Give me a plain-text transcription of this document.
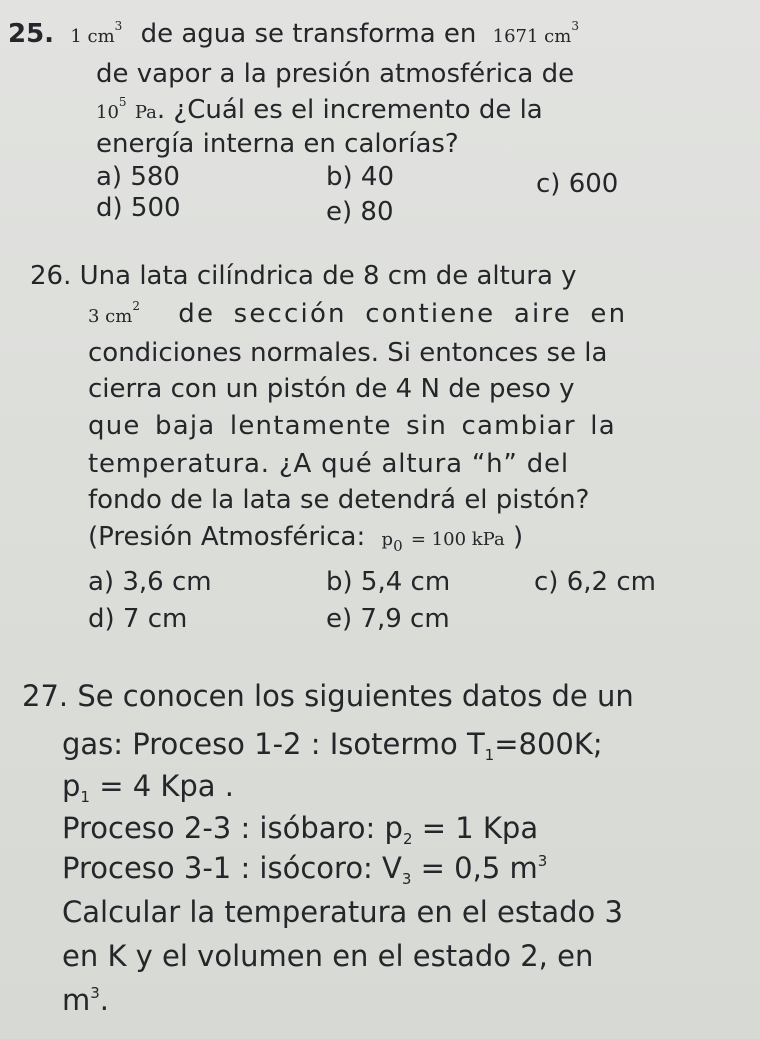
25. 1 $cm^3$ de agua se transforma en 1671 $cm^3$
de vapor a la presión atmosférica de
$10^5$ Pa. ¿Cuál es el incremento de la
energía interna en calorías?
a) 580	b) 40	c) 600
d) 500	e) 80
26. Una lata cilíndrica de 8 cm de altura y
3 $cm^2$ de sección contiene aire en
condiciones normales. Si entonces se la
cierra con un pistón de 4 N de peso y
que baja lentamente sin cambiar la
temperatura. ¿A qué altura “h” del
fondo de la lata se detendrá el pistón?
(Presión Atmosférica: $p_0 = 100$ kPa )
a) 3,6 cm	b) 5,4 cm	c) 6,2 cm
d) 7 cm	e) 7,9 cm
27. Se conocen los siguientes datos de un
gas: Proceso 1-2 : Isotermo $T_1=800K$;
$p_1 = 4$ Kpa .
Proceso 2-3 : isóbaro: $p_2 = 1$ Kpa
Proceso 3-1 : isócoro: $V_3 = 0,5$ $m^3$
Calcular la temperatura en el estado 3
en K y el volumen en el estado 2, en
$m^3$.
